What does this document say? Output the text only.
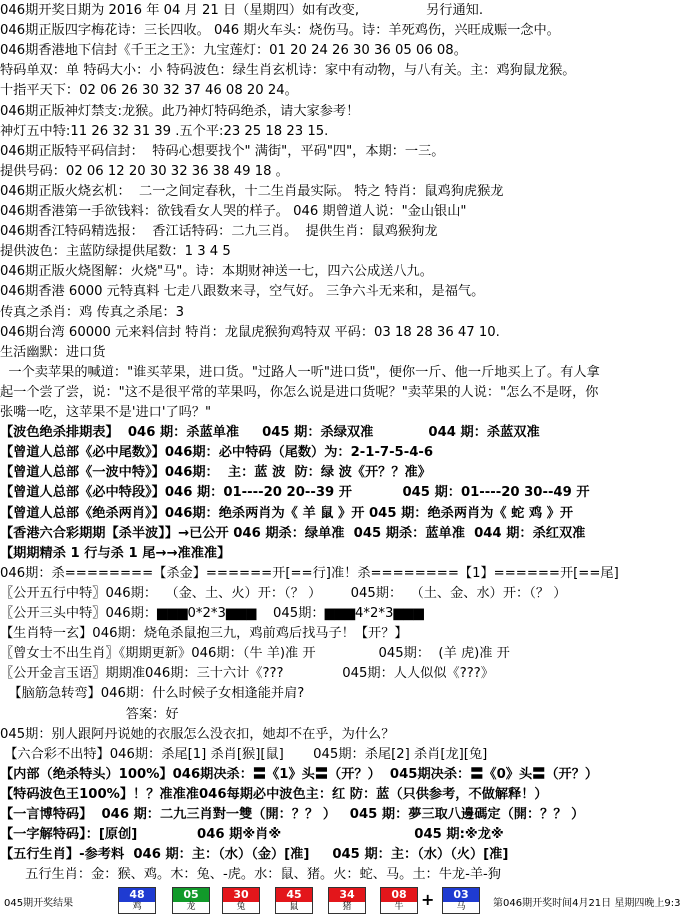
046期开奖日期为 2016 年 04 月 21 日（星期四）如有改变,                另行通知.
046期正版四字梅花诗：三长四收。 046 期火车头：烧伤马。诗：羊死鸡伤，兴旺成赈一念中。
046期香港地下信封《千王之王》：九宝莲灯：01 20 24 26 30 36 05 06 08。
特码单双：单 特码大小：小 特码波色：绿生肖玄机诗：家中有动物，与八有关。主：鸡狗鼠龙猴。
十指平天下：02 06 26 30 32 37 46 08 20 24。
046期正版神灯禁支:龙猴。此乃神灯特码绝杀，请大家参考！
神灯五中特:11 26 32 31 39 .五个平:23 25 18 23 15.
046期正版特平码信封：  特码心想要找个" 满街"，平码"四"，本期：一三。
提供号码：02 06 12 20 30 32 36 38 49 18 。
046期正版火烧玄机：  二一之间定春秋，十二生肖最实际。 特之 特肖：鼠鸡狗虎猴龙
046期香港第一手欲钱料：欲钱看女人哭的样子。 046 期曾道人说："金山银山"
046期香江特码精选报：  香江话特码：二九三肖。  提供生肖：鼠鸡猴狗龙
提供波色：主蓝防绿提供尾数：1 3 4 5
046期正版火烧图解：火烧"马"。诗：本期财神送一七，四六公成送八九。
046期香港 6000 元特真料 七走八跟数来寻，空气好。 三争六斗无来和，是福气。
传真之杀肖：鸡 传真之杀尾：3
046期台湾 60000 元来料信封 特肖：龙鼠虎猴狗鸡特双 平码：03 18 28 36 47 10.
生活幽默：进口货
一个卖苹果的喊道："谁买苹果，进口货。"过路人一听"进口货"，便你一斤、他一斤地买上了。有人拿
起一个尝了尝，说："这不是很平常的苹果吗，你怎么说是进口货呢？"卖苹果的人说："怎么不是呀，你
张嘴一吃，这苹果不是'进口'了吗？"
【波色绝杀排期表】  046 期：杀蓝单准     045 期：杀绿双准            044 期：杀蓝双准
【曾道人总部《必中尾数》】046期：必中特码（尾数）为：2-1-7-5-4-6
【曾道人总部《一波中特》】046期：  主：蓝 波  防：绿 波《开？？准》
【曾道人总部《必中特段》】046 期：01----20 20--39 开           045 期：01----20 30--49 开
【曾道人总部《绝杀两肖》】046期：绝杀两肖为《 羊 鼠 》开 045 期：绝杀两肖为《 蛇 鸡 》开
【香港六合彩期期【杀半波】】→已公开 046 期杀：绿单准  045 期杀：蓝单准  044 期：杀红双准
【期期精杀 1 行与杀 1 尾→→准准准】
046期：杀========【杀金】======开[==行]准！杀========【1】======开[==尾]
〖公开五行中特〗046期：  （金、土、火）开：（？ ）       045期：  （土、金、水）开：（？ ）
〖公开三头中特〗046期：▆▆▆0*2*3▆▆▆    045期：▆▆▆4*2*3▆▆▆
【生肖特一玄】046期：烧龟杀鼠抱三九，鸡前鸡后找马子！【开？】
〖曾女士不出生肖〗《期期更新》046期：（牛 羊)准 开               045期：  (羊 虎)准 开
〖公开金言玉语〗期期准046期：三十六计《???              045期：人人似似《???》
【脑筋急转弯】046期：什么时候子女相逢能并肩?
答案：好
045期：别人跟阿丹说她的衣服怎么没衣扣，她却不在乎，为什么？
【六合彩不出特】046期：杀尾[1] 杀肖[猴][鼠]       045期：杀尾[2] 杀肖[龙][兔]
【内部（绝杀特头）100%】046期决杀：〓《1》头〓（开？）  045期决杀：〓《0》头〓（开？）
【特码波色王100%】！？准准准046每期必中波色主：红 防：蓝（只供参考，不做解释！）
【一言博特码】  046 期：二九三肖對一雙（開：？？ ）   045 期：夢三取八邊碼定（開：？？ ）
【一字解特码】：[原创]             046 期※肖※                             045 期:※龙※
【五行生肖】-参考料  046 期：主：（水）（金）[准]     045 期：主：（水）（火）[准]
五行生肖：金：猴、鸡。木：兔、-虎。水：鼠、猪。火：蛇、马。土：牛龙-羊-狗
045期开奖结果
48
鸡
05
龙
30
兔
45
鼠
34
猪
08
牛
03
马
+	第046期开奖时间4月21日 星期四晚上9:3
